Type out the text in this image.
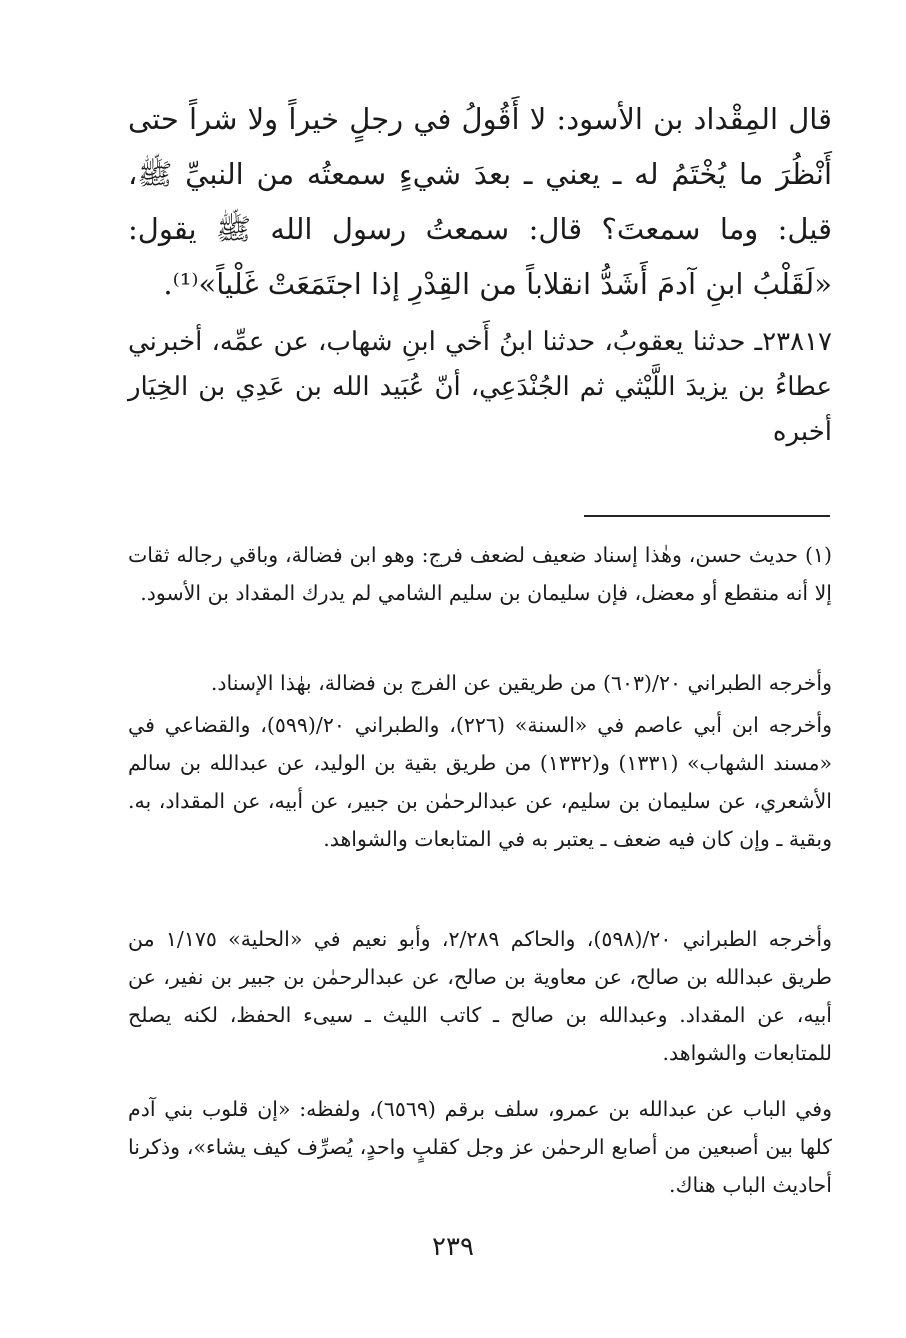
قال المِقْداد بن الأسود: لا أَقُولُ في رجلٍ خيراً ولا شراً حتى أَنْظُرَ ما يُخْتَمُ له ـ يعني ـ بعدَ شيءٍ سمعتُه من النبيِّ ﷺ، قيل: وما سمعتَ؟ قال: سمعتُ رسول الله ﷺ يقول: «لَقَلْبُ ابنِ آدمَ أَشَدُّ انقلاباً من القِدْرِ إذا اجتَمَعَتْ غَلْياً»⁽¹⁾.

٢٣٨١٧ـ حدثنا يعقوبُ، حدثنا ابنُ أَخي ابنِ شهاب، عن عمِّه، أخبرني عطاءُ بن يزيدَ اللَّيْثي ثم الجُنْدَعِي، أنّ عُبَيد الله بن عَدِي بن الخِيَار أخبره

(١) حديث حسن، وهٰذا إسناد ضعيف لضعف فرج: وهو ابن فضالة، وباقي رجاله ثقات إلا أنه منقطع أو معضل، فإن سليمان بن سليم الشامي لم يدرك المقداد بن الأسود.

وأخرجه الطبراني ٢٠/(٦٠٣) من طريقين عن الفرج بن فضالة، بهٰذا الإسناد.

وأخرجه ابن أبي عاصم في «السنة» (٢٢٦)، والطبراني ٢٠/(٥٩٩)، والقضاعي في «مسند الشهاب» (١٣٣١) و(١٣٣٢) من طريق بقية بن الوليد، عن عبدالله بن سالم الأشعري، عن سليمان بن سليم، عن عبدالرحمٰن بن جبير، عن أبيه، عن المقداد، به. وبقية ـ وإن كان فيه ضعف ـ يعتبر به في المتابعات والشواهد.

وأخرجه الطبراني ٢٠/(٥٩٨)، والحاكم ٢/٢٨٩، وأبو نعيم في «الحلية» ١/١٧٥ من طريق عبدالله بن صالح، عن معاوية بن صالح، عن عبدالرحمٰن بن جبير بن نفير، عن أبيه، عن المقداد. وعبدالله بن صالح ـ كاتب الليث ـ سيىء الحفظ، لكنه يصلح للمتابعات والشواهد.

وفي الباب عن عبدالله بن عمرو، سلف برقم (٦٥٦٩)، ولفظه: «إن قلوب بني آدم كلها بين أصبعين من أصابع الرحمٰن عز وجل كقلبٍ واحدٍ، يُصرِّف كيف يشاء»، وذكرنا أحاديث الباب هناك.

٢٣٩
